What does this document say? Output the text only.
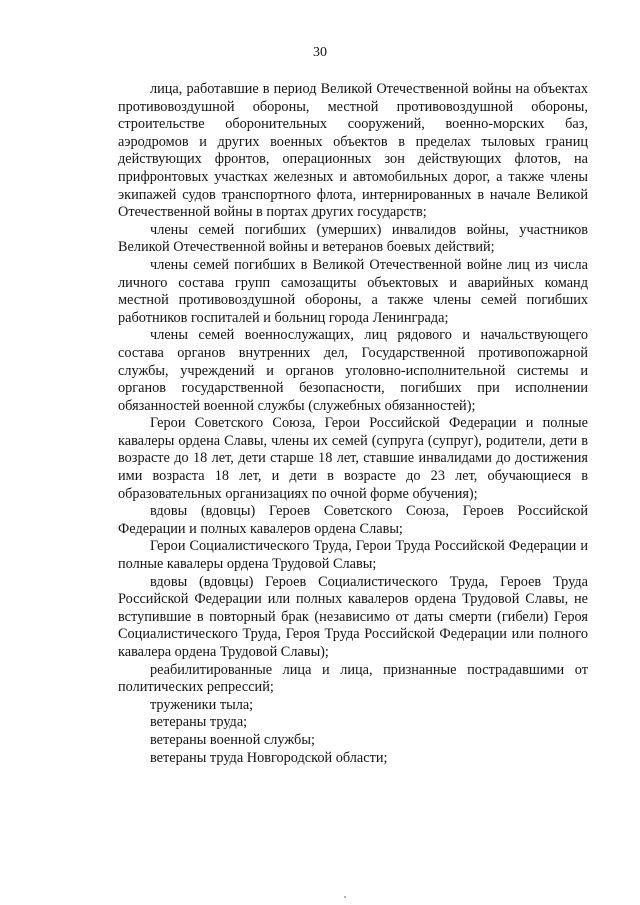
30

лица, работавшие в период Великой Отечественной войны на объектах противовоздушной обороны, местной противовоздушной обороны, строительстве оборонительных сооружений, военно-морских баз, аэродромов и других военных объектов в пределах тыловых границ действующих фронтов, операционных зон действующих флотов, на прифронтовых участках железных и автомобильных дорог, а также члены экипажей судов транспортного флота, интернированных в начале Великой Отечественной войны в портах других государств;

члены семей погибших (умерших) инвалидов войны, участников Великой Отечественной войны и ветеранов боевых действий;

члены семей погибших в Великой Отечественной войне лиц из числа личного состава групп самозащиты объектовых и аварийных команд местной противовоздушной обороны, а также члены семей погибших работников госпиталей и больниц города Ленинграда;

члены семей военнослужащих, лиц рядового и начальствующего состава органов внутренних дел, Государственной противопожарной службы, учреждений и органов уголовно-исполнительной системы и органов государственной безопасности, погибших при исполнении обязанностей военной службы (служебных обязанностей);

Герои Советского Союза, Герои Российской Федерации и полные кавалеры ордена Славы, члены их семей (супруга (супруг), родители, дети в возрасте до 18 лет, дети старше 18 лет, ставшие инвалидами до достижения ими возраста 18 лет, и дети в возрасте до 23 лет, обучающиеся в образовательных организациях по очной форме обучения);

вдовы (вдовцы) Героев Советского Союза, Героев Российской Федерации и полных кавалеров ордена Славы;

Герои Социалистического Труда, Герои Труда Российской Федерации и полные кавалеры ордена Трудовой Славы;

вдовы (вдовцы) Героев Социалистического Труда, Героев Труда Российской Федерации или полных кавалеров ордена Трудовой Славы, не вступившие в повторный брак (независимо от даты смерти (гибели) Героя Социалистического Труда, Героя Труда Российской Федерации или полного кавалера ордена Трудовой Славы);

реабилитированные лица и лица, признанные пострадавшими от политических репрессий;

труженики тыла;

ветераны труда;

ветераны военной службы;

ветераны труда Новгородской области;
